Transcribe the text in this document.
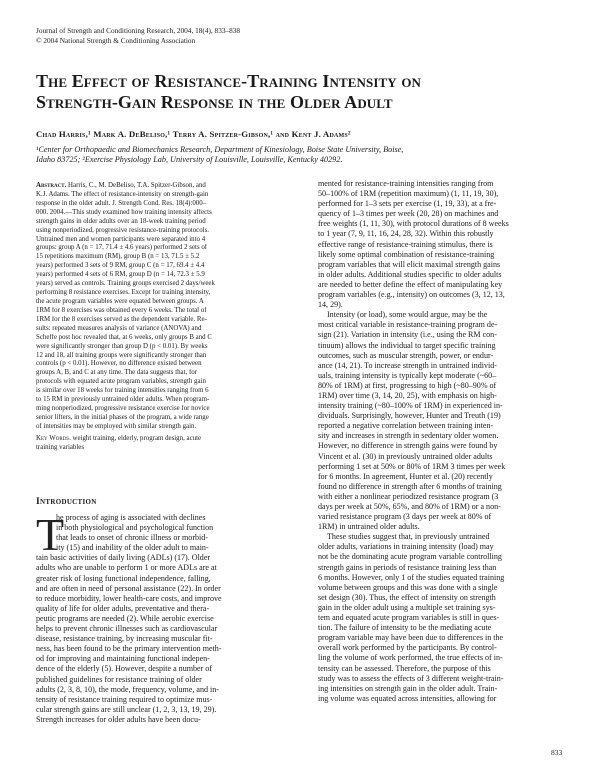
Journal of Strength and Conditioning Research, 2004, 18(4), 833–838
© 2004 National Strength & Conditioning Association
The Effect of Resistance-Training Intensity on
Strength-Gain Response in the Older Adult
Chad Harris,¹ Mark A. DeBeliso,¹ Terry A. Spitzer-Gibson,¹ and Kent J. Adams²
¹Center for Orthopaedic and Biomechanics Research, Department of Kinesiology, Boise State University, Boise,
Idaho 83725; ²Exercise Physiology Lab, University of Louisville, Louisville, Kentucky 40292.
Abstract. Harris, C., M. DeBeliso, T.A. Spitzer-Gibson, and
K.J. Adams. The effect of resistance-intensity on strength-gain
response in the older adult. J. Strength Cond. Res. 18(4):000–
000. 2004.—This study examined how training intensity affects
strength gains in older adults over an 18-week training period
using nonperiodized, progressive resistance-training protocols.
Untrained men and women participants were separated into 4
groups: group A (n = 17, 71.4 ± 4.6 years) performed 2 sets of
15 repetitions maximum (RM), group B (n = 13, 71.5 ± 5.2
years) performed 3 sets of 9 RM, group C (n = 17, 69.4 ± 4.4
years) performed 4 sets of 6 RM, group D (n = 14, 72.3 ± 5.9
years) served as controls. Training groups exercised 2 days/week
performing 8 resistance exercises. Except for training intensity,
the acute program variables were equated between groups. A
1RM for 8 exercises was obtained every 6 weeks. The total of
1RM for the 8 exercises served as the dependent variable. Re-
sults: repeated measures analysis of variance (ANOVA) and
Scheffe post hoc revealed that, at 6 weeks, only groups B and C
were significantly stronger than group D (p < 0.01). By weeks
12 and 18, all training groups were significantly stronger than
controls (p < 0.01). However, no difference existed between
groups A, B, and C at any time. The data suggests that, for
protocols with equated acute program variables, strength gain
is similar over 18 weeks for training intensities ranging from 6
to 15 RM in previously untrained older adults. When program-
ming nonperiodized, progressive resistance exercise for novice
senior lifters, in the initial phases of the program, a wide range
of intensities may be employed with similar strength gain.
Key Words. weight training, elderly, program design, acute
training variables
Introduction
T
he process of aging is associated with declines
in both physiological and psychological function
that leads to onset of chronic illness or morbid-
ity (15) and inability of the older adult to main-
tain basic activities of daily living (ADLs) (17). Older
adults who are unable to perform 1 or more ADLs are at
greater risk of losing functional independence, falling,
and are often in need of personal assistance (22). In order
to reduce morbidity, lower health-care costs, and improve
quality of life for older adults, preventative and thera-
peutic programs are needed (2). While aerobic exercise
helps to prevent chronic illnesses such as cardiovascular
disease, resistance training, by increasing muscular fit-
ness, has been found to be the primary intervention meth-
od for improving and maintaining functional indepen-
dence of the elderly (5). However, despite a number of
published guidelines for resistance training of older
adults (2, 3, 8, 10), the mode, frequency, volume, and in-
tensity of resistance training required to optimize mus-
cular strength gains are still unclear (1, 2, 3, 13, 19, 29).
Strength increases for older adults have been docu-
mented for resistance-training intensities ranging from
50–100% of 1RM (repetition maximum) (1, 11, 19, 30),
performed for 1–3 sets per exercise (1, 19, 33), at a fre-
quency of 1–3 times per week (20, 28) on machines and
free weights (1, 11, 30), with protocol durations of 8 weeks
to 1 year (7, 9, 11, 16, 24, 28, 32). Within this robustly
effective range of resistance-training stimulus, there is
likely some optimal combination of resistance-training
program variables that will elicit maximal strength gains
in older adults. Additional studies specific to older adults
are needed to better define the effect of manipulating key
program variables (e.g., intensity) on outcomes (3, 12, 13,
14, 29).
Intensity (or load), some would argue, may be the
most critical variable in resistance-training program de-
sign (21). Variation in intensity (i.e., using the RM con-
tinuum) allows the individual to target specific training
outcomes, such as muscular strength, power, or endur-
ance (14, 21). To increase strength in untrained individ-
uals, training intensity is typically kept moderate (~60–
80% of 1RM) at first, progressing to high (~80–90% of
1RM) over time (3, 14, 20, 25), with emphasis on high-
intensity training (~80–100% of 1RM) in experienced in-
dividuals. Surprisingly, however, Hunter and Treuth (19)
reported a negative correlation between training inten-
sity and increases in strength in sedentary older women.
However, no difference in strength gains were found by
Vincent et al. (30) in previously untrained older adults
performing 1 set at 50% or 80% of 1RM 3 times per week
for 6 months. In agreement, Hunter et al. (20) recently
found no difference in strength after 6 months of training
with either a nonlinear periodized resistance program (3
days per week at 50%, 65%, and 80% of 1RM) or a non-
varied resistance program (3 days per week at 80% of
1RM) in untrained older adults.
These studies suggest that, in previously untrained
older adults, variations in training intensity (load) may
not be the dominating acute program variable controlling
strength gains in periods of resistance training less than
6 months. However, only 1 of the studies equated training
volume between groups and this was done with a single
set design (30). Thus, the effect of intensity on strength
gain in the older adult using a multiple set training sys-
tem and equated acute program variables is still in ques-
tion. The failure of intensity to be the mediating acute
program variable may have been due to differences in the
overall work performed by the participants. By control-
ling the volume of work performed, the true effects of in-
tensity can be assessed. Therefore, the purpose of this
study was to assess the effects of 3 different weight-train-
ing intensities on strength gain in the older adult. Train-
ing volume was equated across intensities, allowing for
833
